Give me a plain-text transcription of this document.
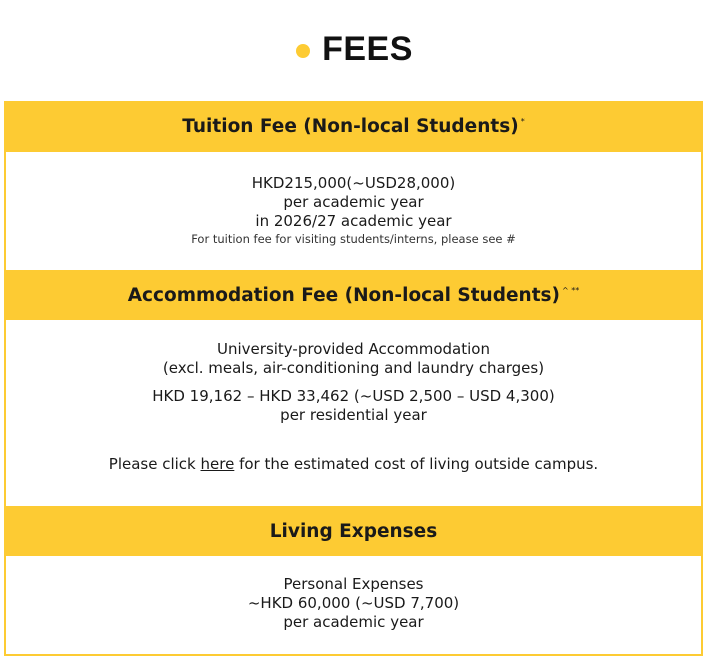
FEES
Tuition Fee (Non-local Students) *
HKD215,000(~USD28,000)
per academic year
in 2026/27 academic year
For tuition fee for visiting students/interns, please see #
Accommodation Fee (Non-local Students) ^ **
University-provided Accommodation
(excl. meals, air-conditioning and laundry charges)
HKD 19,162 – HKD 33,462 (~USD 2,500 – USD 4,300)
per residential year
Please click here for the estimated cost of living outside campus.
Living Expenses
Personal Expenses
~HKD 60,000 (~USD 7,700)
per academic year
